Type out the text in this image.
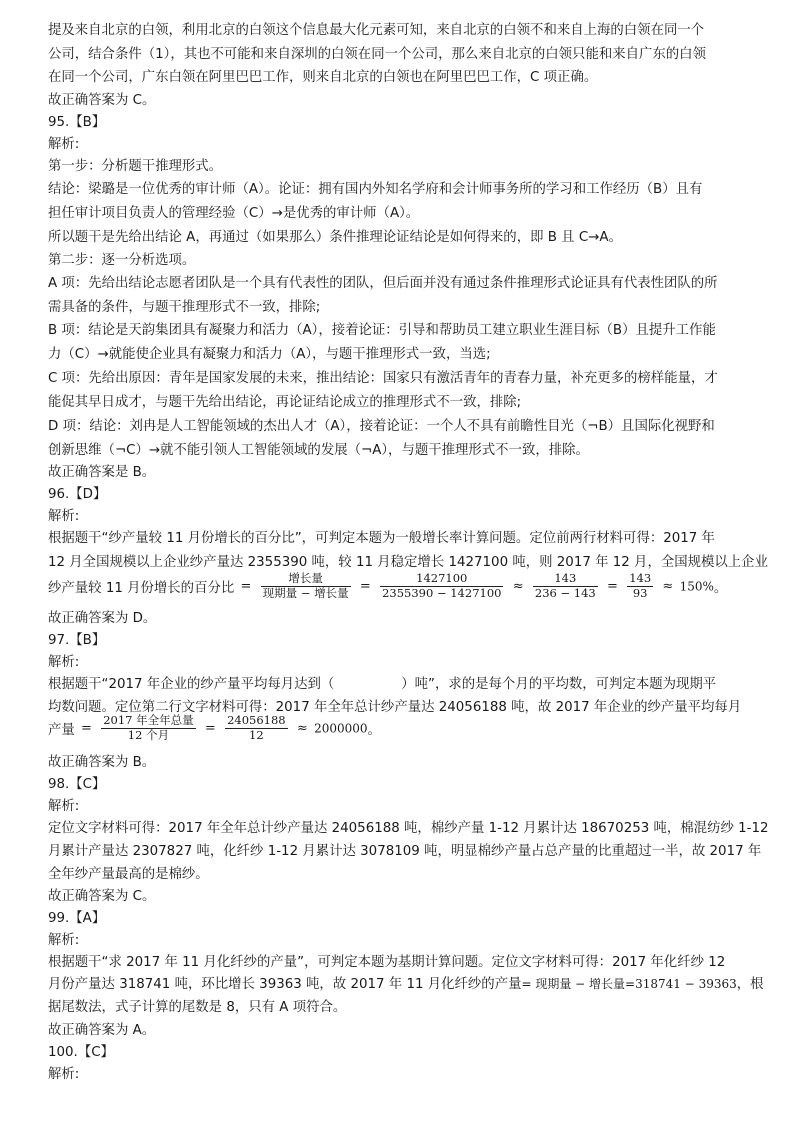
提及来自北京的白领，利用北京的白领这个信息最大化元素可知，来自北京的白领不和来自上海的白领在同一个
公司，结合条件（1），其也不可能和来自深圳的白领在同一个公司，那么来自北京的白领只能和来自广东的白领
在同一个公司，广东白领在阿里巴巴工作，则来自北京的白领也在阿里巴巴工作，C 项正确。
故正确答案为 C。
95.【B】
解析:
第一步：分析题干推理形式。
结论：梁璐是一位优秀的审计师（A）。论证：拥有国内外知名学府和会计师事务所的学习和工作经历（B）且有
担任审计项目负责人的管理经验（C）→是优秀的审计师（A）。
所以题干是先给出结论 A，再通过（如果那么）条件推理论证结论是如何得来的，即 B 且 C→A。
第二步：逐一分析选项。
A 项：先给出结论志愿者团队是一个具有代表性的团队，但后面并没有通过条件推理形式论证具有代表性团队的所
需具备的条件，与题干推理形式不一致，排除;
B 项：结论是天韵集团具有凝聚力和活力（A），接着论证：引导和帮助员工建立职业生涯目标（B）且提升工作能
力（C）→就能使企业具有凝聚力和活力（A），与题干推理形式一致，当选;
C 项：先给出原因：青年是国家发展的未来，推出结论：国家只有激活青年的青春力量，补充更多的榜样能量，才
能促其早日成才，与题干先给出结论，再论证结论成立的推理形式不一致，排除;
D 项：结论：刘冉是人工智能领域的杰出人才（A），接着论证：一个人不具有前瞻性目光（¬B）且国际化视野和
创新思维（¬C）→就不能引领人工智能领域的发展（¬A），与题干推理形式不一致，排除。
故正确答案是 B。
96.【D】
解析:
根据题干“纱产量较 11 月份增长的百分比”，可判定本题为一般增长率计算问题。定位前两行材料可得：2017 年
12 月全国规模以上企业纱产量达 2355390 吨，较 11 月稳定增长 1427100 吨，则 2017 年 12 月，全国规模以上企业
纱产量较 11 月份增长的百分比 = $\frac{\text{增长量}}{\text{现期量 − 增长量}} = \frac{1427100}{2355390 - 1427100} \approx \frac{143}{236 - 143} = \frac{143}{93} \approx 150\%$。
故正确答案为 D。
97.【B】
解析:
根据题干“2017 年企业的纱产量平均每月达到（　　　　　）吨”，求的是每个月的平均数，可判定本题为现期平
均数问题。定位第二行文字材料可得：2017 年全年总计纱产量达 24056188 吨，故 2017 年企业的纱产量平均每月
产量 = $\frac{\text{2017 年全年总量}}{\text{12 个月}} = \frac{24056188}{12} \approx 2000000$。
故正确答案为 B。
98.【C】
解析:
定位文字材料可得：2017 年全年总计纱产量达 24056188 吨，棉纱产量 1-12 月累计达 18670253 吨，棉混纺纱 1-12
月累计产量达 2307827 吨，化纤纱 1-12 月累计达 3078109 吨，明显棉纱产量占总产量的比重超过一半，故 2017 年
全年纱产量最高的是棉纱。
故正确答案为 C。
99.【A】
解析:
根据题干“求 2017 年 11 月化纤纱的产量”，可判定本题为基期计算问题。定位文字材料可得：2017 年化纤纱 12
月份产量达 318741 吨，环比增长 39363 吨，故 2017 年 11 月化纤纱的产量= 现期量 − 增长量=318741 − 39363，根
据尾数法，式子计算的尾数是 8，只有 A 项符合。
故正确答案为 A。
100.【C】
解析:
